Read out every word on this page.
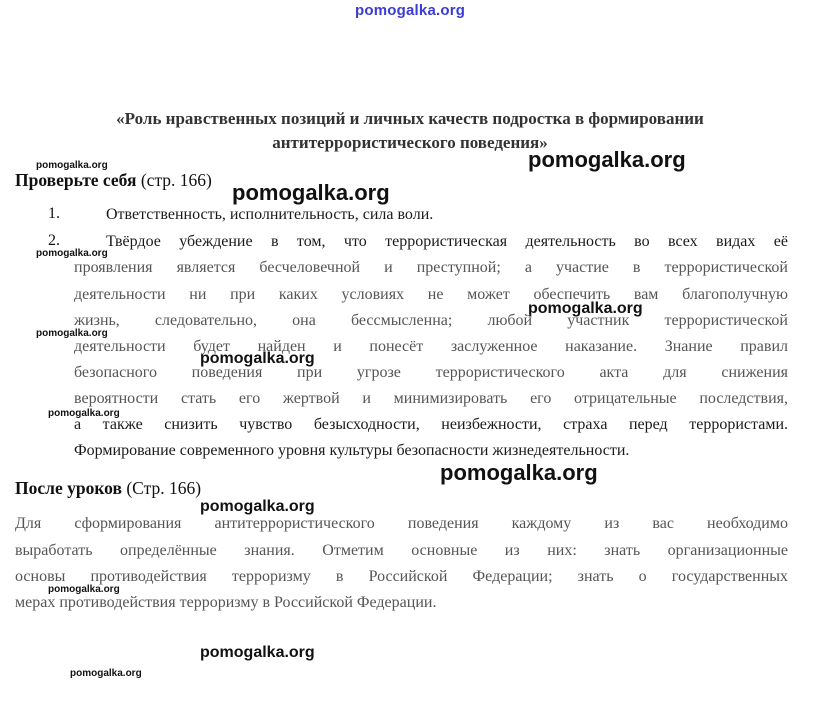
pomogalka.org
pomogalka.org
pomogalka.org
pomogalka.org
pomogalka.org
pomogalka.org
pomogalka.org
pomogalka.org
pomogalka.org
pomogalka.org
pomogalka.org
pomogalka.org
pomogalka.org
pomogalka.org
«Роль нравственных позиций и личных качеств подростка в формировании
антитеррористического поведения»
Проверьте себя (стр. 166)
1.	Ответственность, исполнительность, сила воли.
2.	Твёрдое убеждение в том, что террористическая деятельность во всех видах её
проявления является бесчеловечной и преступной; а участие в террористической
деятельности ни при каких условиях не может обеспечить вам благополучную
жизнь, следовательно, она бессмысленна; любой участник террористической
деятельности будет найден и понесёт заслуженное наказание. Знание правил
безопасного поведения при угрозе террористического акта для снижения
вероятности стать его жертвой и минимизировать его отрицательные последствия,
а также снизить чувство безысходности, неизбежности, страха перед террористами.
Формирование современного уровня культуры безопасности жизнедеятельности.
После уроков (Стр. 166)
Для сформирования антитеррористического поведения каждому из вас необходимо
выработать определённые знания. Отметим основные из них: знать организационные
основы противодействия терроризму в Российской Федерации; знать о государственных
мерах противодействия терроризму в Российской Федерации.
